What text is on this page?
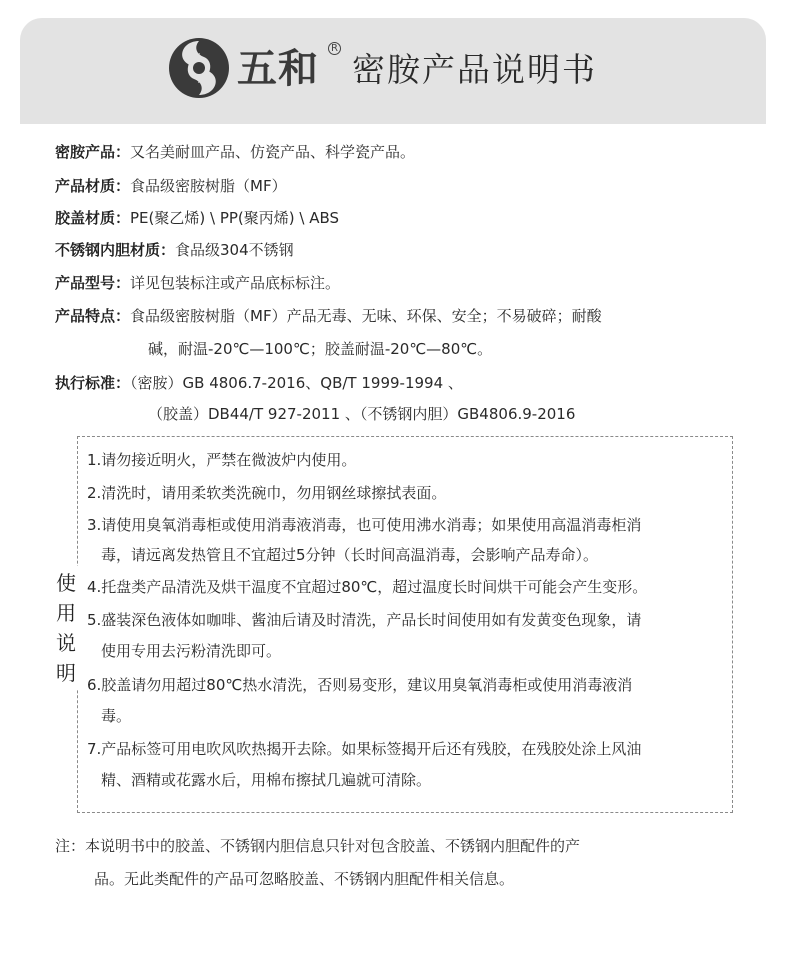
五和	R
密胺产品说明书
密胺产品：又名美耐皿产品、仿瓷产品、科学瓷产品。
产品材质：食品级密胺树脂（MF）
胶盖材质：PE(聚乙烯) \ PP(聚丙烯) \ ABS
不锈钢内胆材质：食品级304不锈钢
产品型号：详见包装标注或产品底标标注。
产品特点：食品级密胺树脂（MF）产品无毒、无味、环保、安全；不易破碎；耐酸
碱，耐温-20℃—100℃；胶盖耐温-20℃—80℃。
执行标准：（密胺）GB 4806.7-2016、QB/T 1999-1994 、
（胶盖）DB44/T 927-2011 、（不锈钢内胆）GB4806.9-2016
使
用
说
明
1.请勿接近明火，严禁在微波炉内使用。
2.清洗时，请用柔软类洗碗巾，勿用钢丝球擦拭表面。
3.请使用臭氧消毒柜或使用消毒液消毒，也可使用沸水消毒；如果使用高温消毒柜消
毒，请远离发热管且不宜超过5分钟（长时间高温消毒，会影响产品寿命）。
4.托盘类产品清洗及烘干温度不宜超过80℃，超过温度长时间烘干可能会产生变形。
5.盛装深色液体如咖啡、酱油后请及时清洗，产品长时间使用如有发黄变色现象，请
使用专用去污粉清洗即可。
6.胶盖请勿用超过80℃热水清洗，否则易变形，建议用臭氧消毒柜或使用消毒液消
毒。
7.产品标签可用电吹风吹热揭开去除。如果标签揭开后还有残胶，在残胶处涂上风油
精、酒精或花露水后，用棉布擦拭几遍就可清除。
注：本说明书中的胶盖、不锈钢内胆信息只针对包含胶盖、不锈钢内胆配件的产
品。无此类配件的产品可忽略胶盖、不锈钢内胆配件相关信息。
